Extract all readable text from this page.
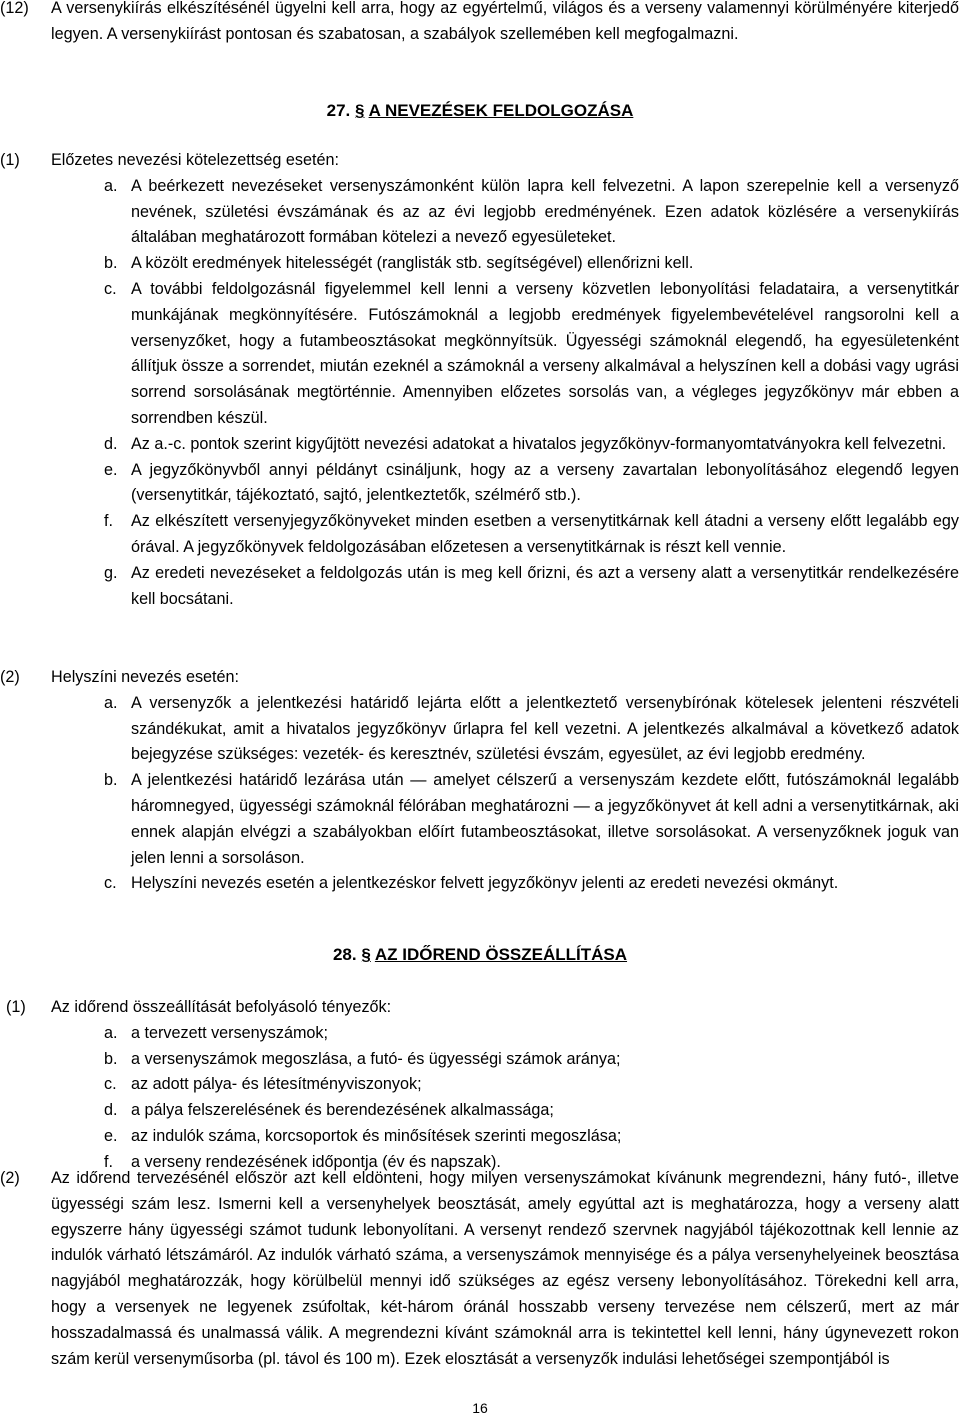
(12)	A versenykiírás elkészítésénél ügyelni kell arra, hogy az egyértelmű, világos és a verseny valamennyi körülményére kiterjedő legyen. A versenykiírást pontosan és szabatosan, a szabályok szellemében kell megfogalmazni.
27. § A NEVEZÉSEK FELDOLGOZÁSA
(1)	Előzetes nevezési kötelezettség esetén:
a. A beérkezett nevezéseket versenyszámonként külön lapra kell felvezetni. A lapon szerepelnie kell a versenyző nevének, születési évszámának és az az évi legjobb eredményének. Ezen adatok közlésére a versenykiírás általában meghatározott formában kötelezi a nevező egyesületeket.
b. A közölt eredmények hitelességét (ranglisták stb. segítségével) ellenőrizni kell.
c. A további feldolgozásnál figyelemmel kell lenni a verseny közvetlen lebonyolítási feladataira, a versenytitkár munkájának megkönnyítésére. Futószámoknál a legjobb eredmények figyelembevételével rangsorolni kell a versenyzőket, hogy a futambeosztásokat megkönnyítsük. Ügyességi számoknál elegendő, ha egyesületenként állítjuk össze a sorrendet, miután ezeknél a számoknál a verseny alkalmával a helyszínen kell a dobási vagy ugrási sorrend sorsolásának megtörténnie. Amennyiben előzetes sorsolás van, a végleges jegyzőkönyv már ebben a sorrendben készül.
d. Az a.-c. pontok szerint kigyűjtött nevezési adatokat a hivatalos jegyzőkönyv-formanyomtatványokra kell felvezetni.
e. A jegyzőkönyvből annyi példányt csináljunk, hogy az a verseny zavartalan lebonyolításához elegendő legyen (versenytitkár, tájékoztató, sajtó, jelentkeztetők, szélmérő stb.).
f.	Az elkészített versenyjegyzőkönyveket minden esetben a versenytitkárnak kell átadni a verseny előtt legalább egy órával. A jegyzőkönyvek feldolgozásában előzetesen a versenytitkárnak is részt kell vennie.
g. Az eredeti nevezéseket a feldolgozás után is meg kell őrizni, és azt a verseny alatt a versenytitkár rendelkezésére kell bocsátani.
(2)	Helyszíni nevezés esetén:
a. A versenyzők a jelentkezési határidő lejárta előtt a jelentkeztető versenybírónak kötelesek jelenteni részvételi szándékukat, amit a hivatalos jegyzőkönyv űrlapra fel kell vezetni. A jelentkezés alkalmával a következő adatok bejegyzése szükséges: vezeték- és keresztnév, születési évszám, egyesület, az évi legjobb eredmény.
b. A jelentkezési határidő lezárása után — amelyet célszerű a versenyszám kezdete előtt, futószámoknál legalább háromnegyed, ügyességi számoknál félórában meghatározni — a jegyzőkönyvet át kell adni a versenytitkárnak, aki ennek alapján elvégzi a szabályokban előírt futambeosztásokat, illetve sorsolásokat. A versenyzőknek joguk van jelen lenni a sorsoláson.
c. Helyszíni nevezés esetén a jelentkezéskor felvett jegyzőkönyv jelenti az eredeti nevezési okmányt.
28. § AZ IDŐREND ÖSSZEÁLLÍTÁSA
(1)	Az időrend összeállítását befolyásoló tényezők:
a. a tervezett versenyszámok;
b. a versenyszámok megoszlása, a futó- és ügyességi számok aránya;
c. az adott pálya- és létesítményviszonyok;
d. a pálya felszerelésének és berendezésének alkalmassága;
e. az indulók száma, korcsoportok és minősítések szerinti megoszlása;
f.	a verseny rendezésének időpontja (év és napszak).
(2)	Az időrend tervezésénél először azt kell eldönteni, hogy milyen versenyszámokat kívánunk megrendezni, hány futó-, illetve ügyességi szám lesz. Ismerni kell a versenyhelyek beosztását, amely egyúttal azt is meghatározza, hogy a verseny alatt egyszerre hány ügyességi számot tudunk lebonyolítani. A versenyt rendező szervnek nagyjából tájékozottnak kell lennie az indulók várható létszámáról. Az indulók várható száma, a versenyszámok mennyisége és a pálya versenyhelyeinek beosztása nagyjából meghatározzák, hogy körülbelül mennyi idő szükséges az egész verseny lebonyolításához. Törekedni kell arra, hogy a versenyek ne legyenek zsúfoltak, két-három óránál hosszabb verseny tervezése nem célszerű, mert az már hosszadalmassá és unalmassá válik. A megrendezni kívánt számoknál arra is tekintettel kell lenni, hány úgynevezett rokon szám kerül versenyműsorba (pl. távol és 100 m). Ezek elosztását a versenyzők indulási lehetőségei szempontjából is
16
